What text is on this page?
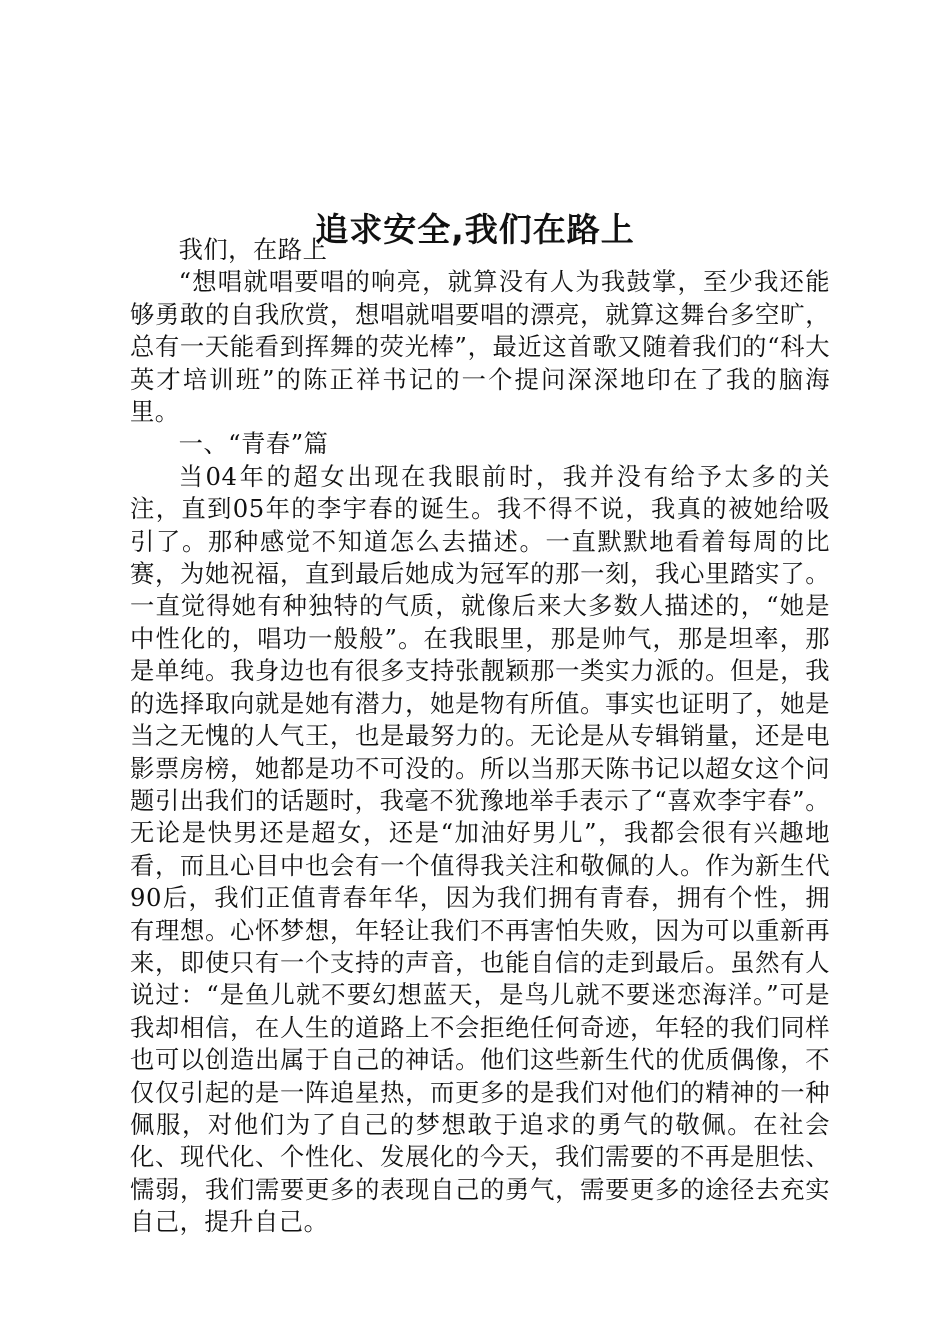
追求安全,我们在路上

我们，在路上

“想唱就唱要唱的响亮，就算没有人为我鼓掌，至少我还能够勇敢的自我欣赏，想唱就唱要唱的漂亮，就算这舞台多空旷，总有一天能看到挥舞的荧光棒”，最近这首歌又随着我们的“科大英才培训班”的陈正祥书记的一个提问深深地印在了我的脑海里。

一、“青春”篇

当04年的超女出现在我眼前时，我并没有给予太多的关注，直到05年的李宇春的诞生。我不得不说，我真的被她给吸引了。那种感觉不知道怎么去描述。一直默默地看着每周的比赛，为她祝福，直到最后她成为冠军的那一刻，我心里踏实了。一直觉得她有种独特的气质，就像后来大多数人描述的，“她是中性化的，唱功一般般”。在我眼里，那是帅气，那是坦率，那是单纯。我身边也有很多支持张靓颖那一类实力派的。但是，我的选择取向就是她有潜力，她是物有所值。事实也证明了，她是当之无愧的人气王，也是最努力的。无论是从专辑销量，还是电影票房榜，她都是功不可没的。所以当那天陈书记以超女这个问题引出我们的话题时，我毫不犹豫地举手表示了“喜欢李宇春”。无论是快男还是超女，还是“加油好男儿”，我都会很有兴趣地看，而且心目中也会有一个值得我关注和敬佩的人。作为新生代90后，我们正值青春年华，因为我们拥有青春，拥有个性，拥有理想。心怀梦想，年轻让我们不再害怕失败，因为可以重新再来，即使只有一个支持的声音，也能自信的走到最后。虽然有人说过：“是鱼儿就不要幻想蓝天，是鸟儿就不要迷恋海洋。”可是我却相信，在人生的道路上不会拒绝任何奇迹，年轻的我们同样也可以创造出属于自己的神话。他们这些新生代的优质偶像，不仅仅引起的是一阵追星热，而更多的是我们对他们的精神的一种佩服，对他们为了自己的梦想敢于追求的勇气的敬佩。在社会化、现代化、个性化、发展化的今天，我们需要的不再是胆怯、懦弱，我们需要更多的表现自己的勇气，需要更多的途径去充实自己，提升自己。
